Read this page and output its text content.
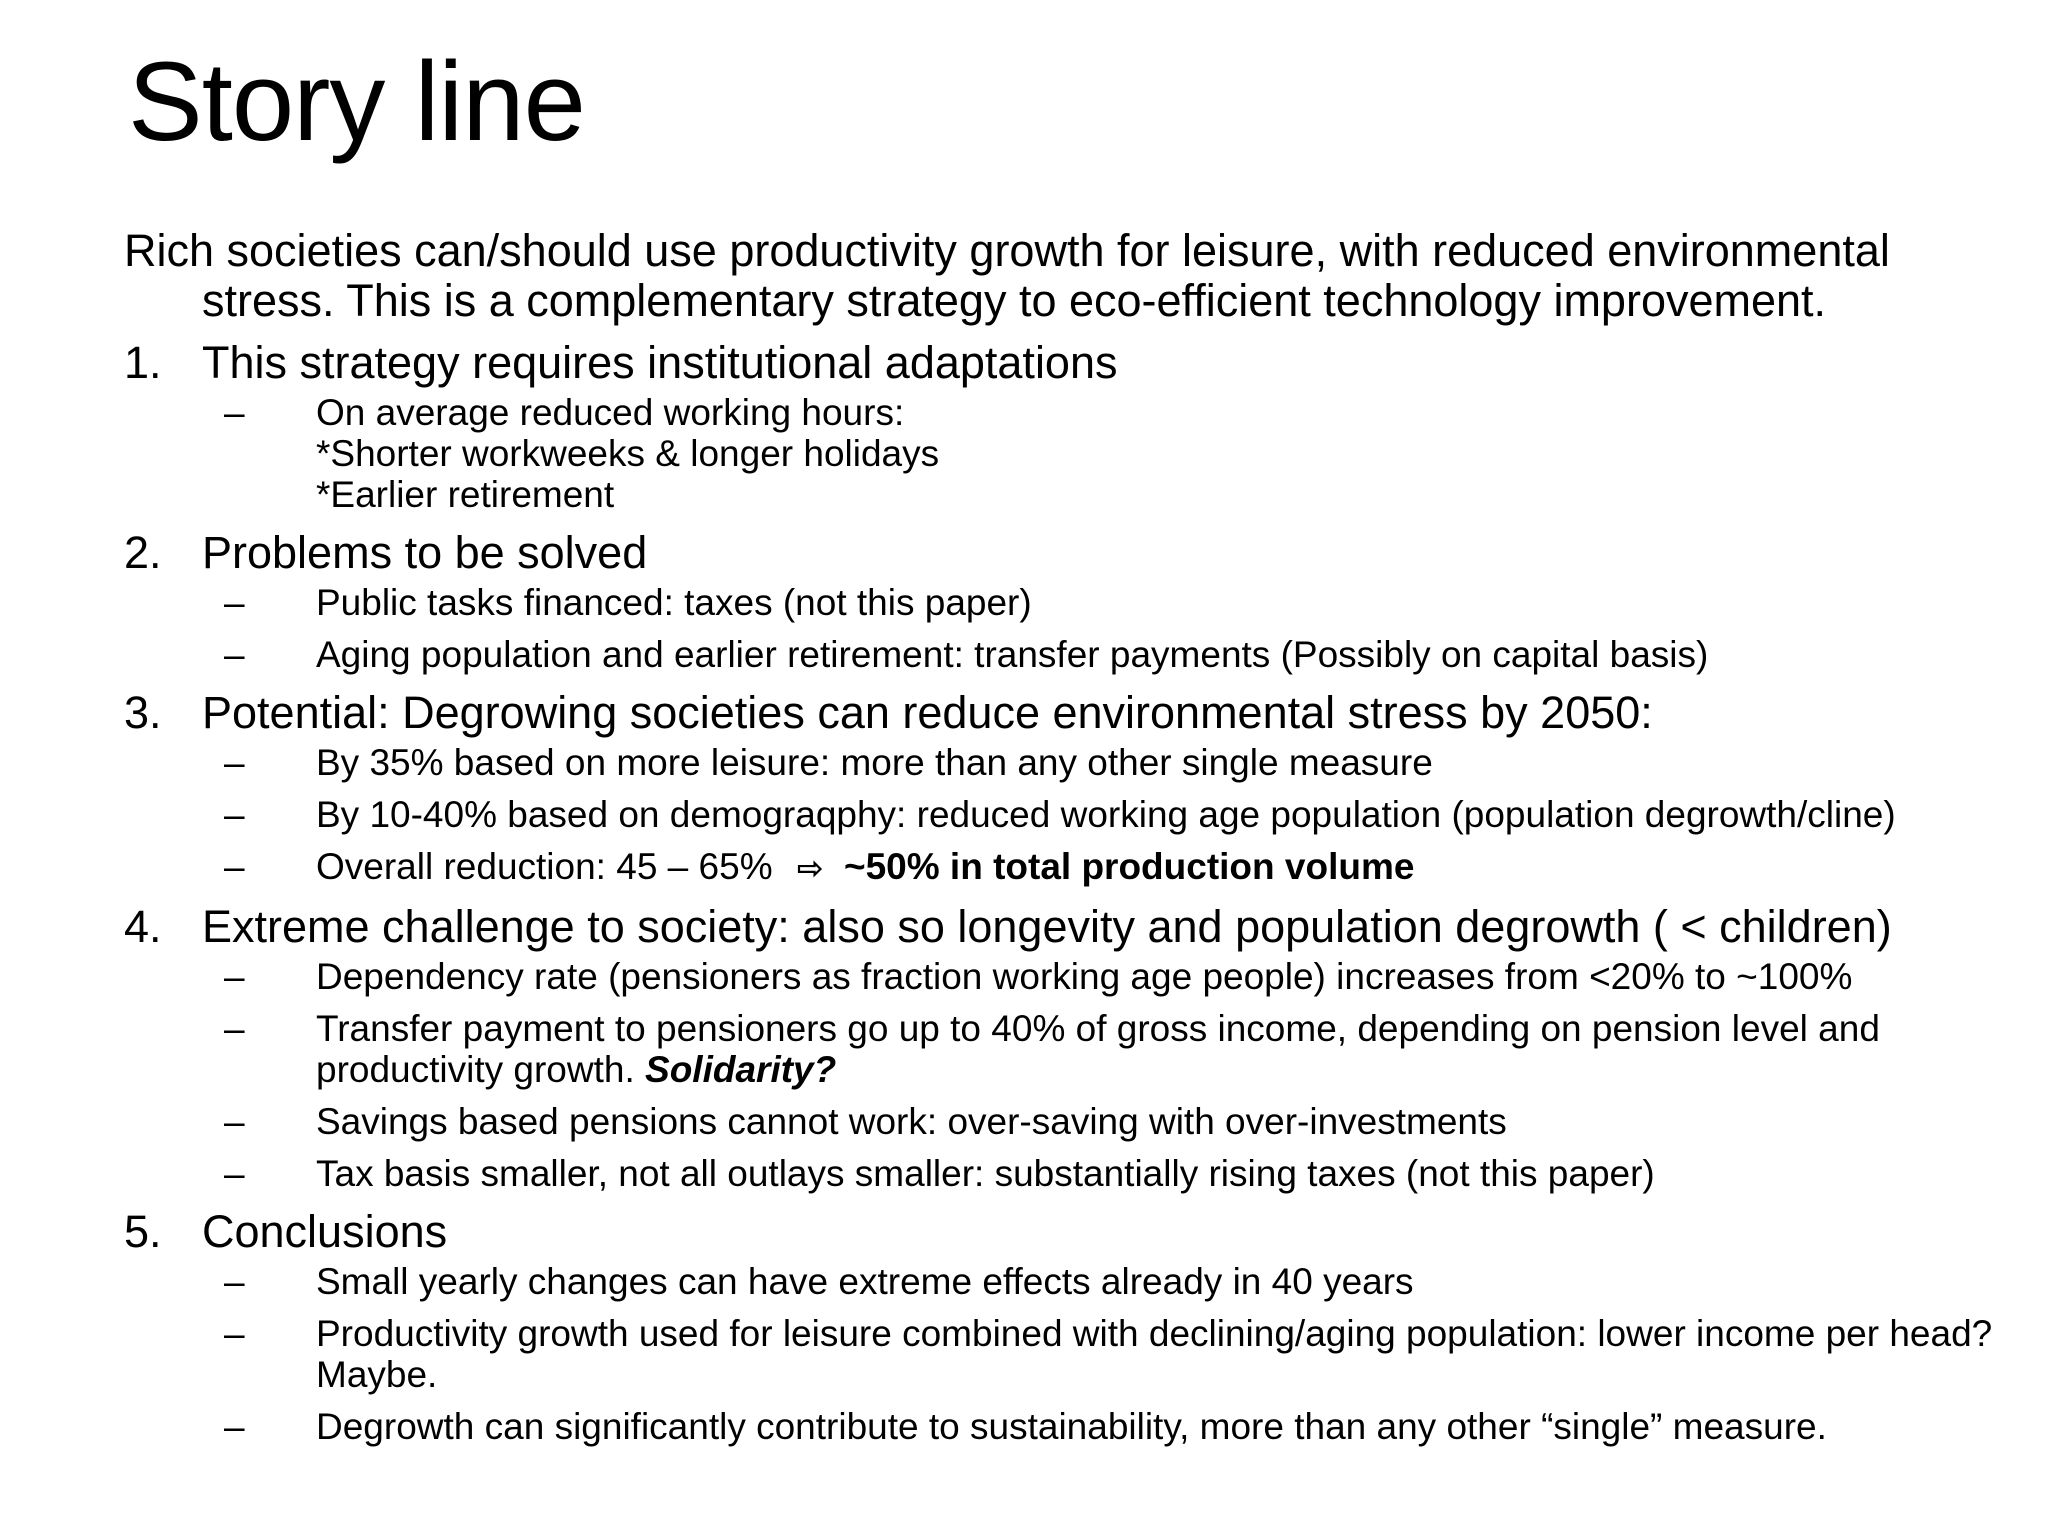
Story line

Rich societies can/should use productivity growth for leisure, with reduced environmental stress. This is a complementary strategy to eco-efficient technology improvement.

1. This strategy requires institutional adaptations
–	On average reduced working hours:
*Shorter workweeks & longer holidays
*Earlier retirement
2. Problems to be solved
–	Public tasks financed: taxes (not this paper)
–	Aging population and earlier retirement: transfer payments (Possibly on capital basis)
3. Potential: Degrowing societies can reduce environmental stress by 2050:
–	By 35% based on more leisure: more than any other single measure
–	By 10-40% based on demograqphy: reduced working age population (population degrowth/cline)
–	Overall reduction: 45 – 65% ⇨ ~50% in total production volume
4. Extreme challenge to society: also so longevity and population degrowth ( < children)
–	Dependency rate (pensioners as fraction working age people) increases from <20% to ~100%
–	Transfer payment to pensioners go up to 40% of gross income, depending on pension level and productivity growth. Solidarity?
–	Savings based pensions cannot work: over-saving with over-investments
–	Tax basis smaller, not all outlays smaller: substantially rising taxes (not this paper)
5. Conclusions
–	Small yearly changes can have extreme effects already in 40 years
–	Productivity growth used for leisure combined with declining/aging population: lower income per head? Maybe.
–	Degrowth can significantly contribute to sustainability, more than any other “single” measure.
